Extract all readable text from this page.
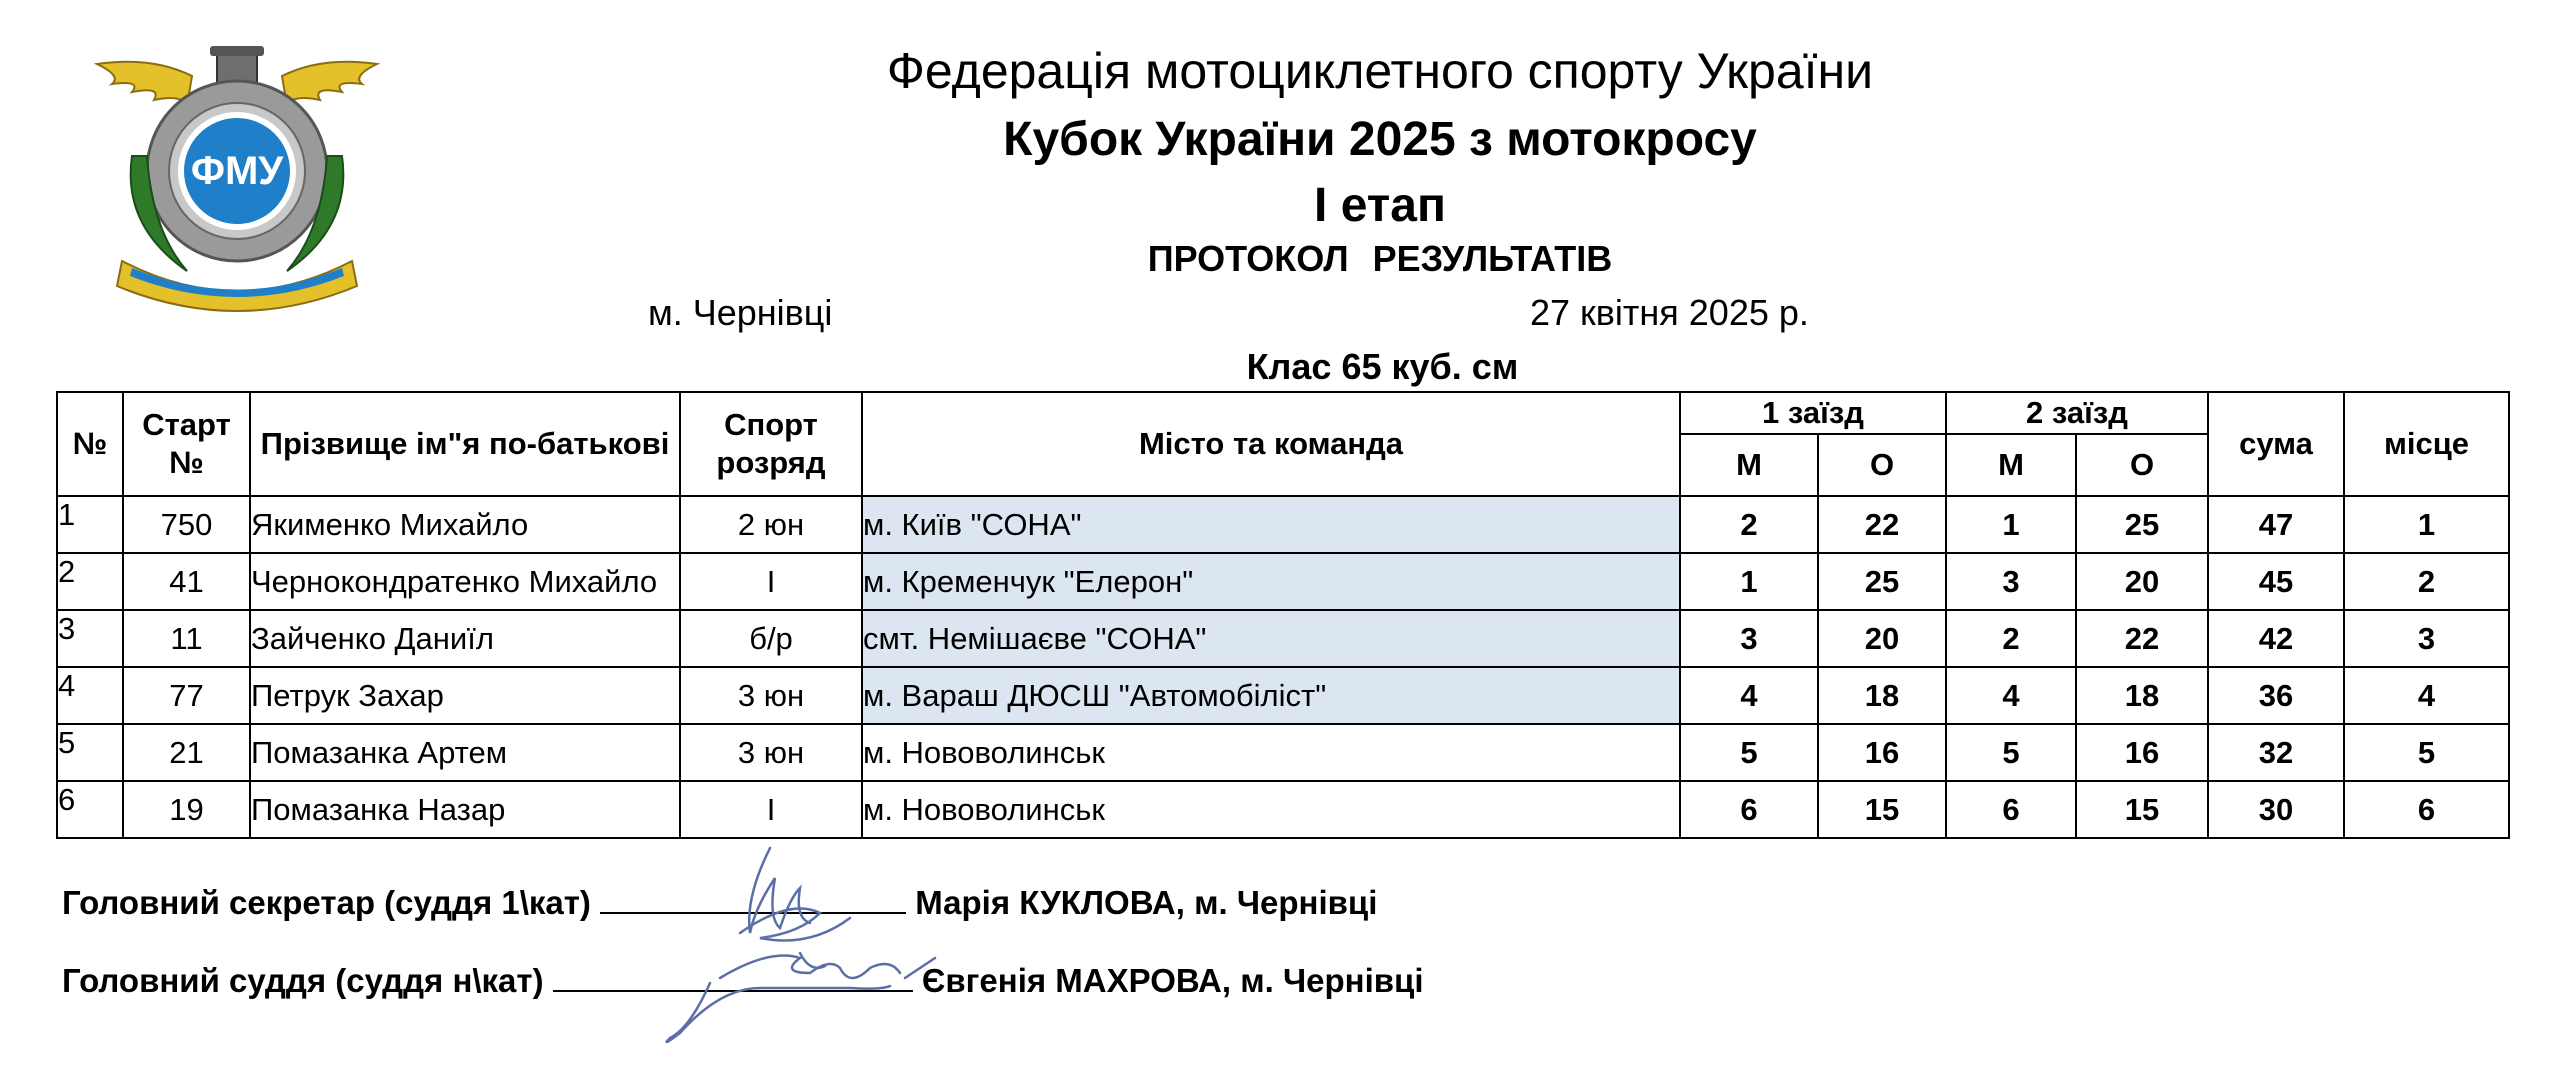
ФМУ
Федерація мотоциклетного спорту України
Кубок України 2025 з мотокросу
І етап
ПРОТОКОЛ РЕЗУЛЬТАТІВ
м. Чернівці	27 квітня 2025 р.
Клас 65 куб. см
№	Старт №	Прізвище ім"я по-батькові	Спорт розряд	Місто та команда	1 заїзд		2 заїзд		сума	місце
					М	О	М	О		
1	750	Якименко Михайло	2 юн	м. Київ "СОНА"	2	22	1	25	47	1
2	41	Чернокондратенко Михайло	І	м. Кременчук "Елерон"	1	25	3	20	45	2
3	11	Зайченко Даниїл	б/р	смт. Немішаєве "СОНА"	3	20	2	22	42	3
4	77	Петрук Захар	3 юн	м. Вараш ДЮСШ "Автомобіліст"	4	18	4	18	36	4
5	21	Помазанка Артем	3 юн	м. Нововолинськ	5	16	5	16	32	5
6	19	Помазанка Назар	І	м. Нововолинськ	6	15	6	15	30	6
Головний секретар (суддя 1\кат)	Марія КУКЛОВА, м. Чернівці
Головний суддя (суддя н\кат)	Євгенія МАХРОВА, м. Чернівці
